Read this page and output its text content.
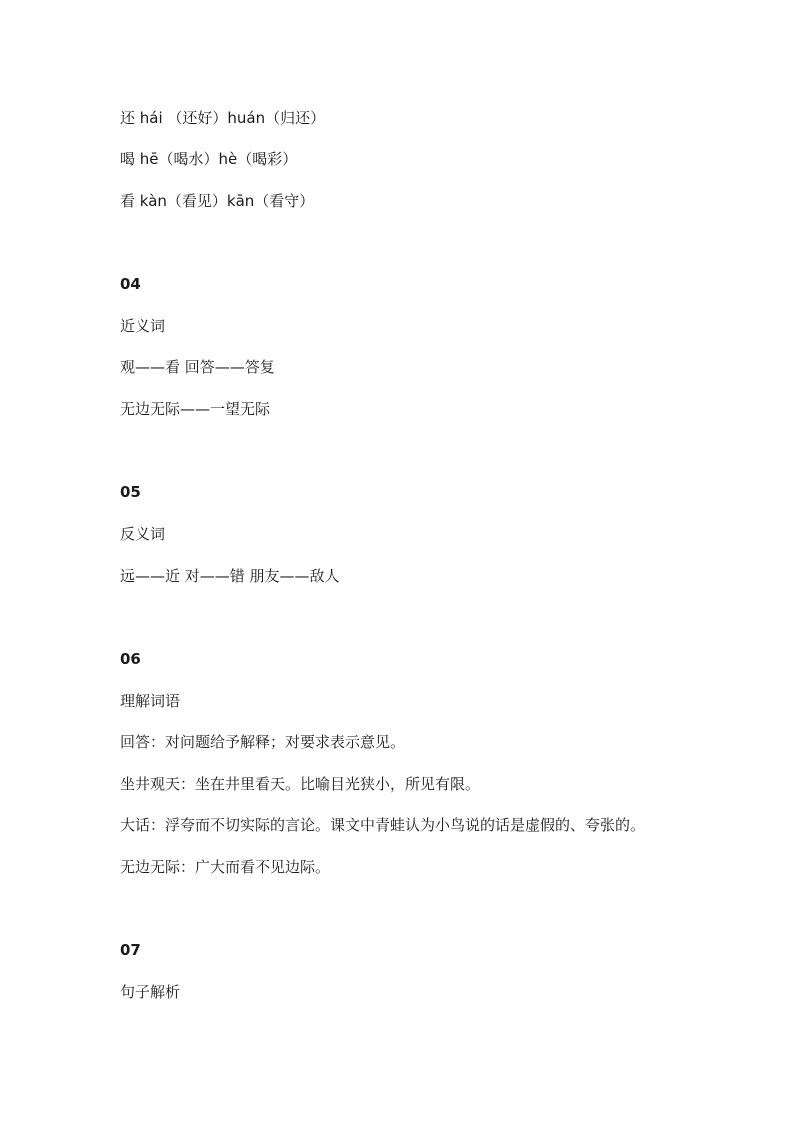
还 hái （还好）huán（归还）

喝 hē（喝水）hè（喝彩）

看 kàn（看见）kān（看守）

04

近义词

观——看 回答——答复

无边无际——一望无际

05

反义词

远——近 对——错 朋友——敌人

06

理解词语

回答：对问题给予解释；对要求表示意见。

坐井观天：坐在井里看天。比喻目光狭小，所见有限。

大话：浮夸而不切实际的言论。课文中青蛙认为小鸟说的话是虚假的、夸张的。

无边无际：广大而看不见边际。

07

句子解析
